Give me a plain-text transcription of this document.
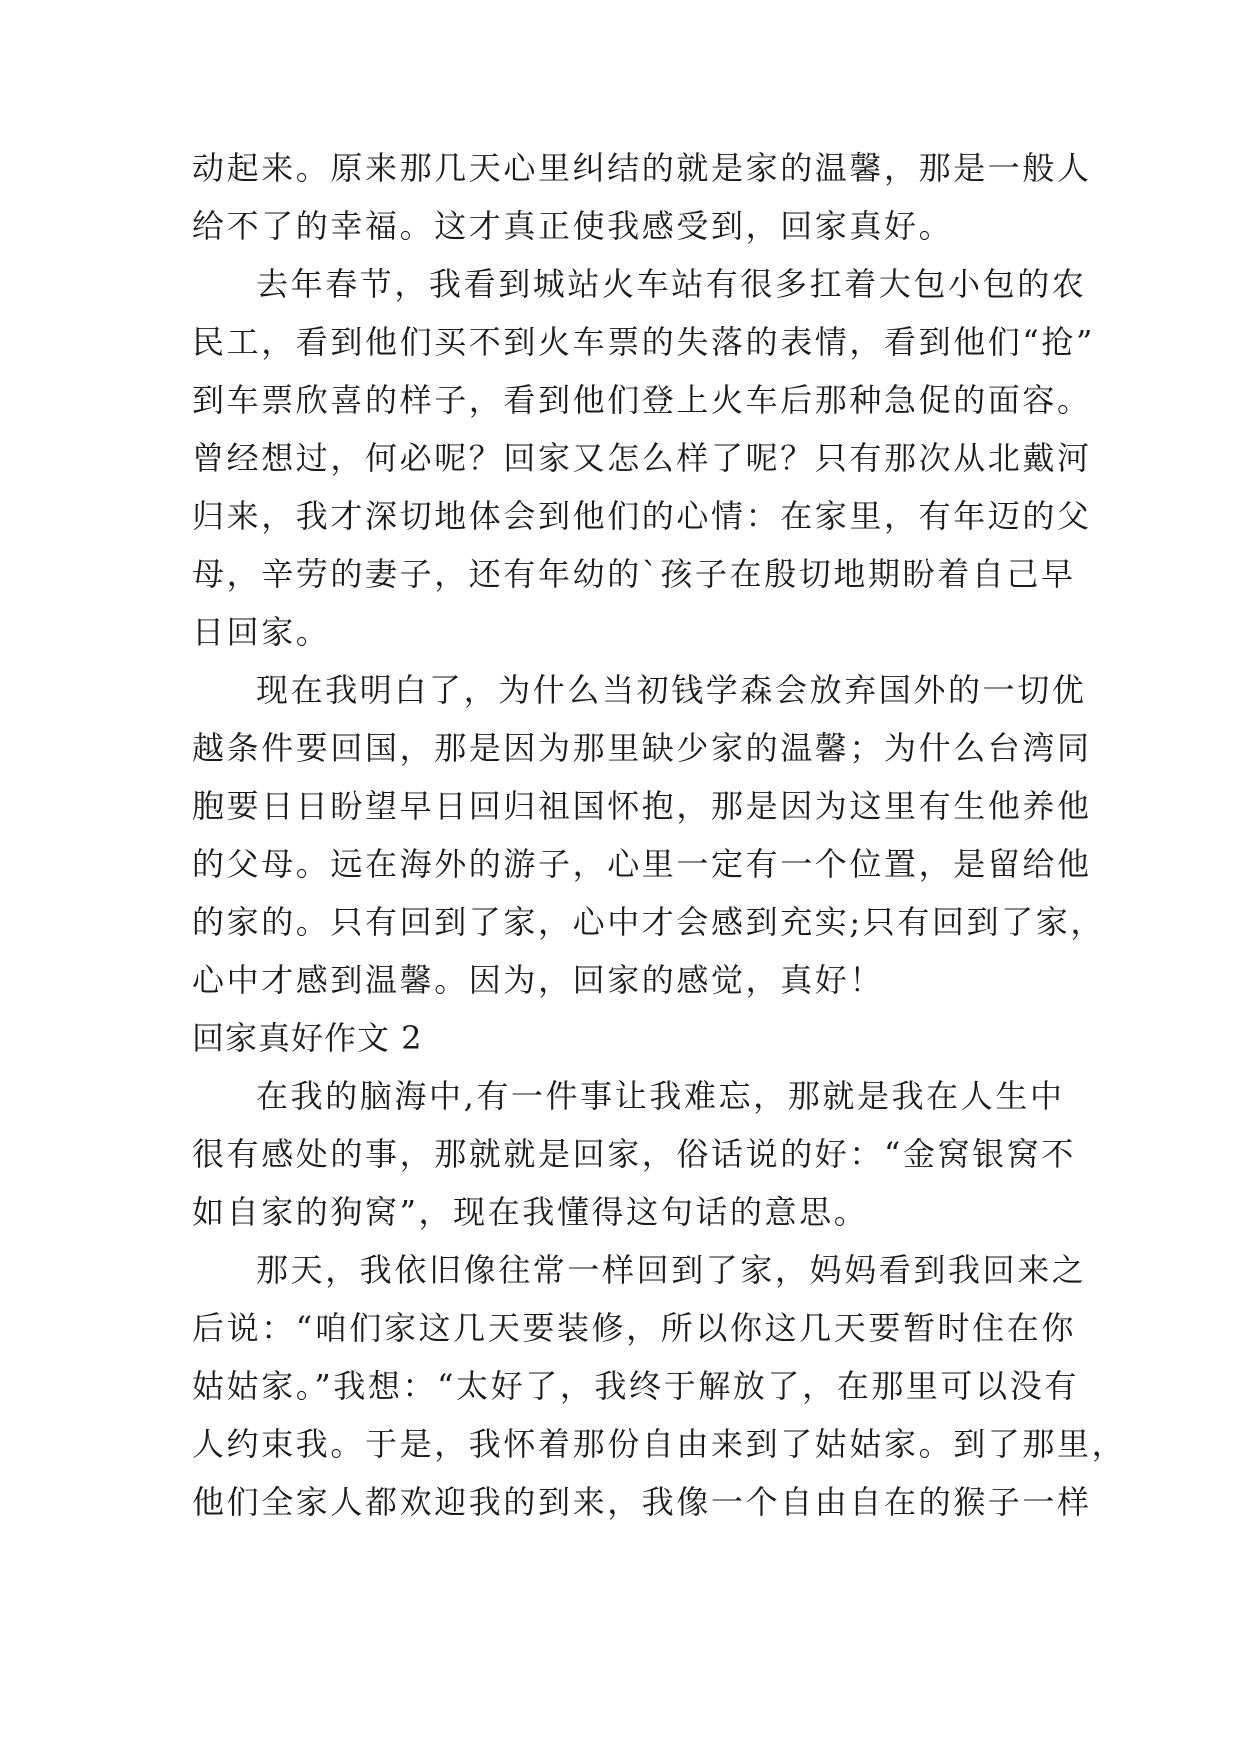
动起来。原来那几天心里纠结的就是家的温馨，那是一般人
给不了的幸福。这才真正使我感受到，回家真好。
去年春节，我看到城站火车站有很多扛着大包小包的农
民工，看到他们买不到火车票的失落的表情，看到他们“抢”
到车票欣喜的样子，看到他们登上火车后那种急促的面容。
曾经想过，何必呢？回家又怎么样了呢？只有那次从北戴河
归来，我才深切地体会到他们的心情：在家里，有年迈的父
母，辛劳的妻子，还有年幼的`孩子在殷切地期盼着自己早
日回家。
现在我明白了，为什么当初钱学森会放弃国外的一切优
越条件要回国，那是因为那里缺少家的温馨；为什么台湾同
胞要日日盼望早日回归祖国怀抱，那是因为这里有生他养他
的父母。远在海外的游子，心里一定有一个位置，是留给他
的家的。只有回到了家，心中才会感到充实;只有回到了家，
心中才感到温馨。因为，回家的感觉，真好！
回家真好作文 2
在我的脑海中,有一件事让我难忘，那就是我在人生中
很有感处的事，那就就是回家，俗话说的好：“金窝银窝不
如自家的狗窝”，现在我懂得这句话的意思。
那天，我依旧像往常一样回到了家，妈妈看到我回来之
后说：“咱们家这几天要装修，所以你这几天要暂时住在你
姑姑家。”我想：“太好了，我终于解放了，在那里可以没有
人约束我。于是，我怀着那份自由来到了姑姑家。到了那里，
他们全家人都欢迎我的到来，我像一个自由自在的猴子一样
